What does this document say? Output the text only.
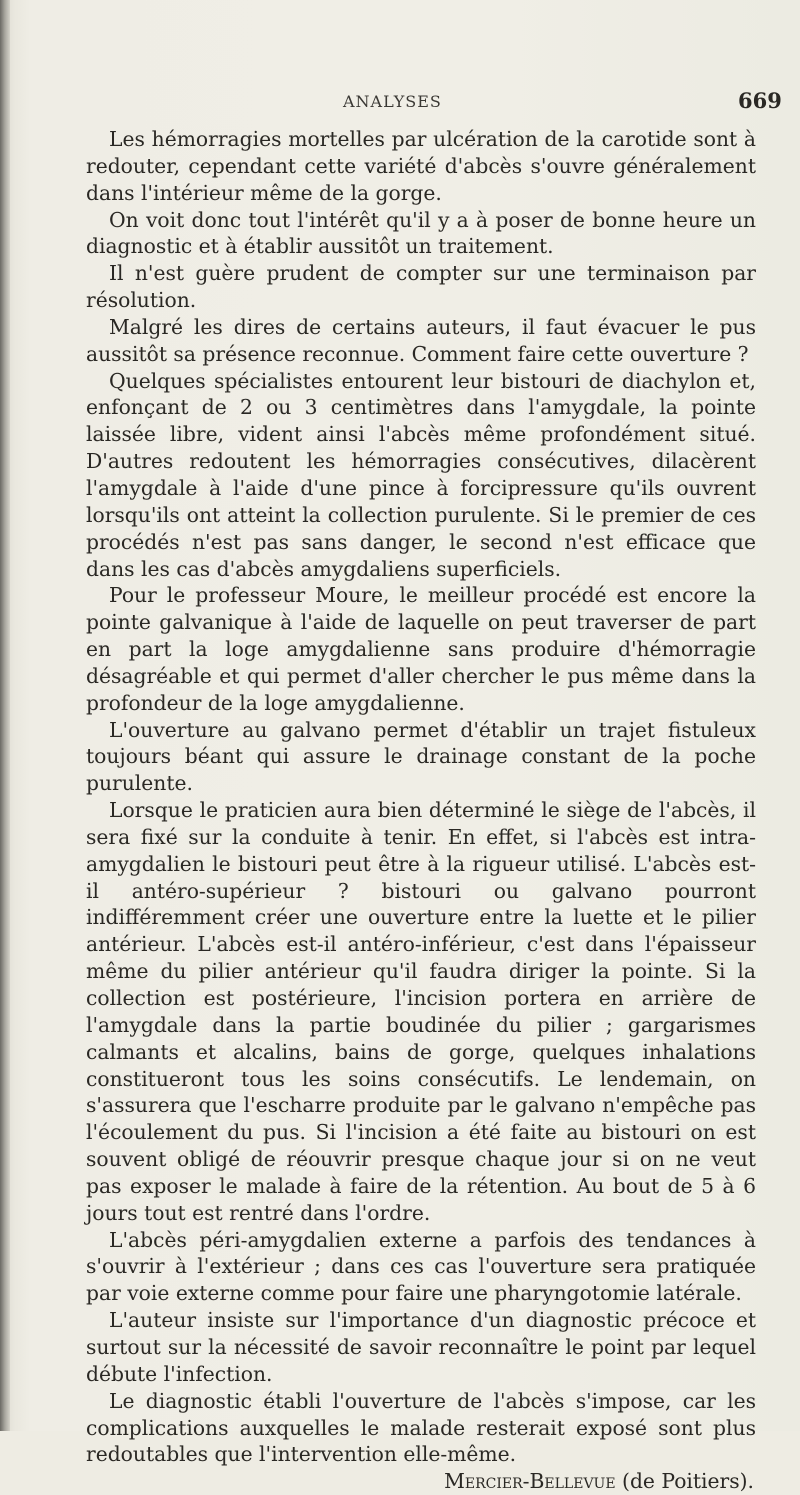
ANALYSES	669

Les hémorragies mortelles par ulcération de la carotide sont à redouter, cependant cette variété d'abcès s'ouvre généralement dans l'intérieur même de la gorge.

On voit donc tout l'intérêt qu'il y a à poser de bonne heure un diagnostic et à établir aussitôt un traitement.

Il n'est guère prudent de compter sur une terminaison par résolution.

Malgré les dires de certains auteurs, il faut évacuer le pus aussitôt sa présence reconnue. Comment faire cette ouverture ?

Quelques spécialistes entourent leur bistouri de diachylon et, enfonçant de 2 ou 3 centimètres dans l'amygdale, la pointe laissée libre, vident ainsi l'abcès même profondément situé. D'autres redoutent les hémorragies consécutives, dilacèrent l'amygdale à l'aide d'une pince à forcipressure qu'ils ouvrent lorsqu'ils ont atteint la collection purulente. Si le premier de ces procédés n'est pas sans danger, le second n'est efficace que dans les cas d'abcès amygdaliens superficiels.

Pour le professeur Moure, le meilleur procédé est encore la pointe galvanique à l'aide de laquelle on peut traverser de part en part la loge amygdalienne sans produire d'hémorragie désagréable et qui permet d'aller chercher le pus même dans la profondeur de la loge amygdalienne.

L'ouverture au galvano permet d'établir un trajet fistuleux toujours béant qui assure le drainage constant de la poche purulente.

Lorsque le praticien aura bien déterminé le siège de l'abcès, il sera fixé sur la conduite à tenir. En effet, si l'abcès est intra-amygdalien le bistouri peut être à la rigueur utilisé. L'abcès est-il antéro-supérieur ? bistouri ou galvano pourront indifféremment créer une ouverture entre la luette et le pilier antérieur. L'abcès est-il antéro-inférieur, c'est dans l'épaisseur même du pilier antérieur qu'il faudra diriger la pointe. Si la collection est postérieure, l'incision portera en arrière de l'amygdale dans la partie boudinée du pilier ; gargarismes calmants et alcalins, bains de gorge, quelques inhalations constitueront tous les soins consécutifs. Le lendemain, on s'assurera que l'escharre produite par le galvano n'empêche pas l'écoulement du pus. Si l'incision a été faite au bistouri on est souvent obligé de réouvrir presque chaque jour si on ne veut pas exposer le malade à faire de la rétention. Au bout de 5 à 6 jours tout est rentré dans l'ordre.

L'abcès péri-amygdalien externe a parfois des tendances à s'ouvrir à l'extérieur ; dans ces cas l'ouverture sera pratiquée par voie externe comme pour faire une pharyngotomie latérale.

L'auteur insiste sur l'importance d'un diagnostic précoce et surtout sur la nécessité de savoir reconnaître le point par lequel débute l'infection.

Le diagnostic établi l'ouverture de l'abcès s'impose, car les complications auxquelles le malade resterait exposé sont plus redoutables que l'intervention elle-même.

Mercier-Bellevue (de Poitiers).
